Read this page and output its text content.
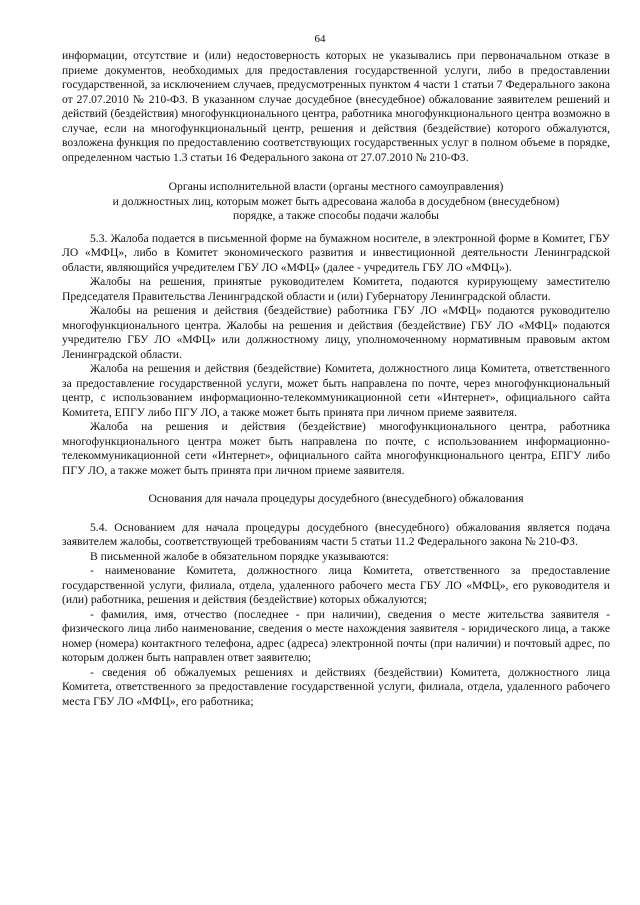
64

информации, отсутствие и (или) недостоверность которых не указывались при первоначальном отказе в приеме документов, необходимых для предоставления государственной услуги, либо в предоставлении государственной, за исключением случаев, предусмотренных пунктом 4 части 1 статьи 7 Федерального закона от 27.07.2010 № 210-ФЗ. В указанном случае досудебное (внесудебное) обжалование заявителем решений и действий (бездействия) многофункционального центра, работника многофункционального центра возможно в случае, если на многофункциональный центр, решения и действия (бездействие) которого обжалуются, возложена функция по предоставлению соответствующих государственных услуг в полном объеме в порядке, определенном частью 1.3 статьи 16 Федерального закона от 27.07.2010 № 210-ФЗ.

Органы исполнительной власти (органы местного самоуправления)

и должностных лиц, которым может быть адресована жалоба в досудебном (внесудебном)

порядке, а также способы подачи жалобы

5.3. Жалоба подается в письменной форме на бумажном носителе, в электронной форме в Комитет, ГБУ ЛО «МФЦ», либо в Комитет экономического развития и инвестиционной деятельности Ленинградской области, являющийся учредителем ГБУ ЛО «МФЦ» (далее - учредитель ГБУ ЛО «МФЦ»).

Жалобы на решения, принятые руководителем Комитета, подаются курирующему заместителю Председателя Правительства Ленинградской области и (или) Губернатору Ленинградской области.

Жалобы на решения и действия (бездействие) работника ГБУ ЛО «МФЦ» подаются руководителю многофункционального центра. Жалобы на решения и действия (бездействие) ГБУ ЛО «МФЦ» подаются учредителю ГБУ ЛО «МФЦ» или должностному лицу, уполномоченному нормативным правовым актом Ленинградской области.

Жалоба на решения и действия (бездействие) Комитета, должностного лица Комитета, ответственного за предоставление государственной услуги, может быть направлена по почте, через многофункциональный центр, с использованием информационно-телекоммуникационной сети «Интернет», официального сайта Комитета, ЕПГУ либо ПГУ ЛО, а также может быть принята при личном приеме заявителя.

Жалоба на решения и действия (бездействие) многофункционального центра, работника многофункционального центра может быть направлена по почте, с использованием информационно-телекоммуникационной сети «Интернет», официального сайта многофункционального центра, ЕПГУ либо ПГУ ЛО, а также может быть принята при личном приеме заявителя.

Основания для начала процедуры досудебного (внесудебного) обжалования

5.4. Основанием для начала процедуры досудебного (внесудебного) обжалования является подача заявителем жалобы, соответствующей требованиям части 5 статьи 11.2 Федерального закона № 210-ФЗ.

В письменной жалобе в обязательном порядке указываются:

- наименование Комитета, должностного лица Комитета, ответственного за предоставление государственной услуги, филиала, отдела, удаленного рабочего места ГБУ ЛО «МФЦ», его руководителя и (или) работника, решения и действия (бездействие) которых обжалуются;

- фамилия, имя, отчество (последнее - при наличии), сведения о месте жительства заявителя - физического лица либо наименование, сведения о месте нахождения заявителя - юридического лица, а также номер (номера) контактного телефона, адрес (адреса) электронной почты (при наличии) и почтовый адрес, по которым должен быть направлен ответ заявителю;

- сведения об обжалуемых решениях и действиях (бездействии) Комитета, должностного лица Комитета, ответственного за предоставление государственной услуги, филиала, отдела, удаленного рабочего места ГБУ ЛО «МФЦ», его работника;
